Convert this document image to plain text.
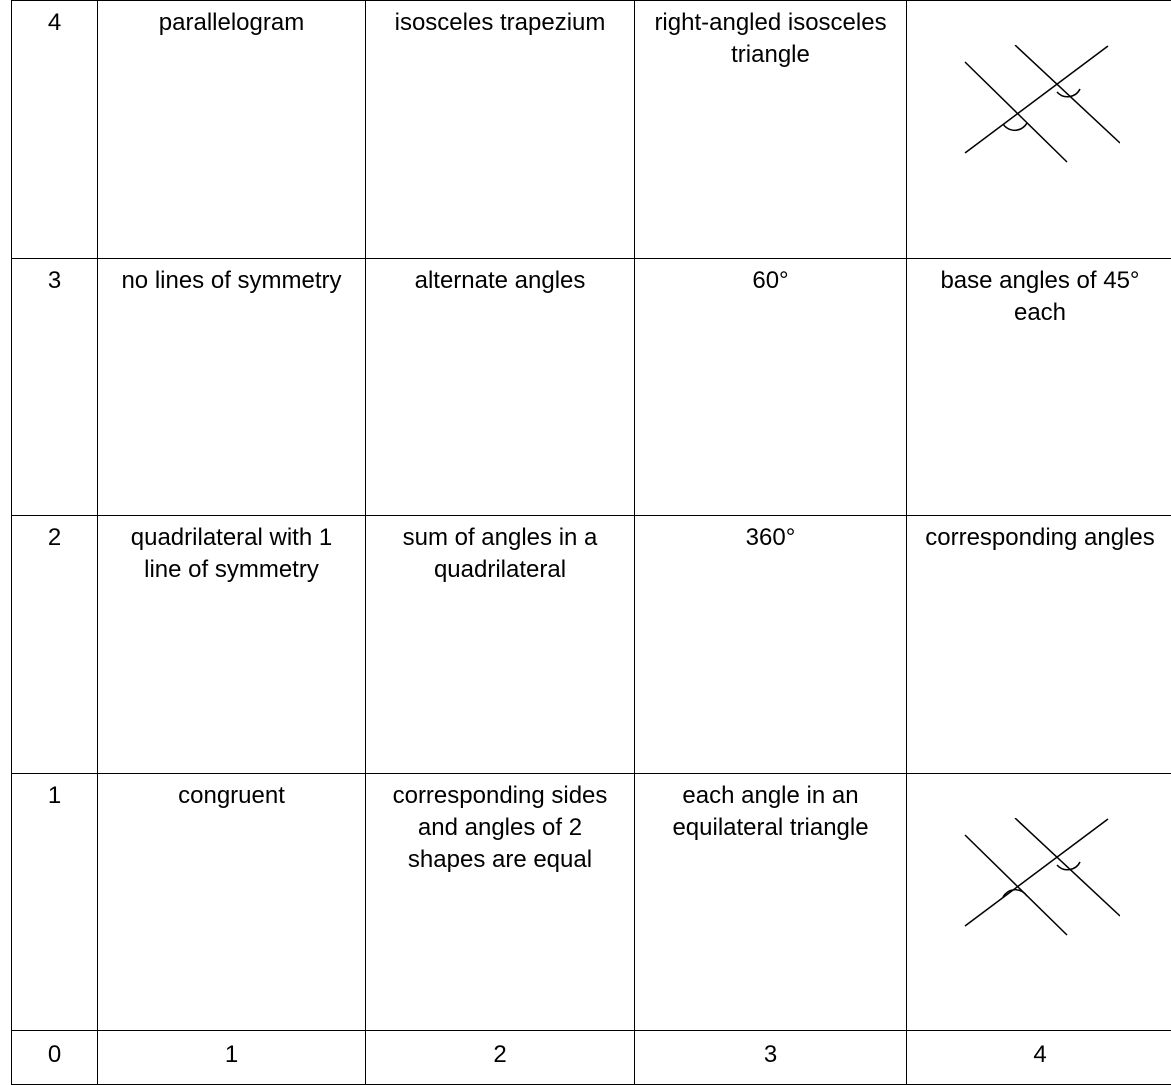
4	parallelogram	isosceles trapezium	right-angled isosceles triangle

3	no lines of symmetry	alternate angles	60°	base angles of 45° each

2	quadrilateral with 1 line of symmetry	sum of angles in a quadrilateral	360°	corresponding angles

1	congruent	corresponding sides and angles of 2 shapes are equal	each angle in an equilateral triangle

0	1	2	3	4
